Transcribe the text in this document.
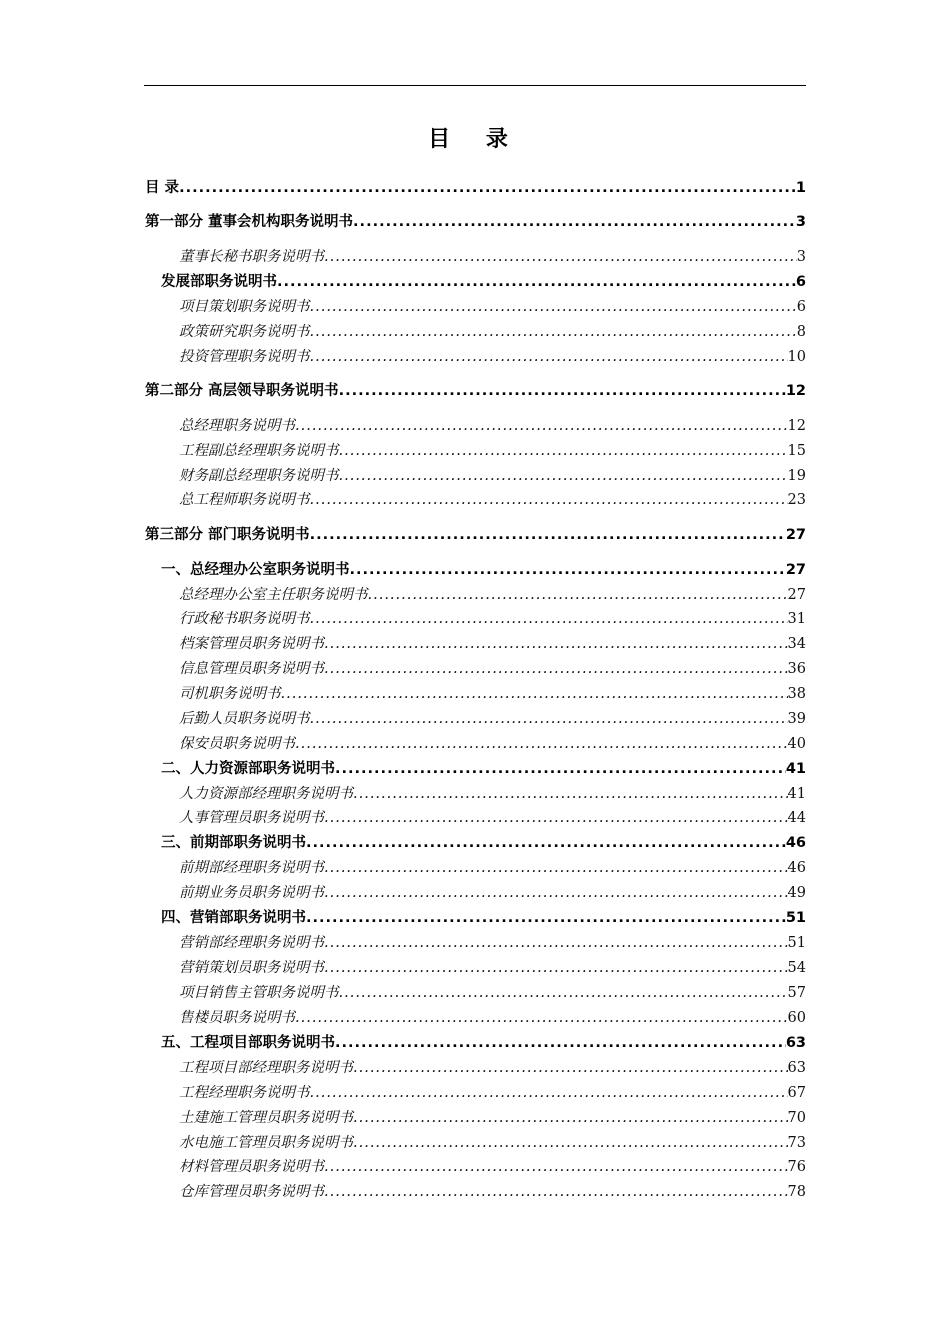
目 录
目 录 .....	1
第一部分 董事会机构职务说明书 .....	3
董事长秘书职务说明书 .....	3
发展部职务说明书 .....	6
项目策划职务说明书 .....	6
政策研究职务说明书 .....	8
投资管理职务说明书 .....	10
第二部分 高层领导职务说明书 .....	12
总经理职务说明书 .....	12
工程副总经理职务说明书 .....	15
财务副总经理职务说明书 .....	19
总工程师职务说明书 .....	23
第三部分 部门职务说明书 .....	27
一、总经理办公室职务说明书 .....	27
总经理办公室主任职务说明书 .....	27
行政秘书职务说明书 .....	31
档案管理员职务说明书 .....	34
信息管理员职务说明书 .....	36
司机职务说明书 .....	38
后勤人员职务说明书 .....	39
保安员职务说明书 .....	40
二、人力资源部职务说明书 .....	41
人力资源部经理职务说明书 .....	41
人事管理员职务说明书 .....	44
三、前期部职务说明书 .....	46
前期部经理职务说明书 .....	46
前期业务员职务说明书 .....	49
四、营销部职务说明书 .....	51
营销部经理职务说明书 .....	51
营销策划员职务说明书 .....	54
项目销售主管职务说明书 .....	57
售楼员职务说明书 .....	60
五、工程项目部职务说明书 .....	63
工程项目部经理职务说明书 .....	63
工程经理职务说明书 .....	67
土建施工管理员职务说明书 .....	70
水电施工管理员职务说明书 .....	73
材料管理员职务说明书 .....	76
仓库管理员职务说明书 .....	78
